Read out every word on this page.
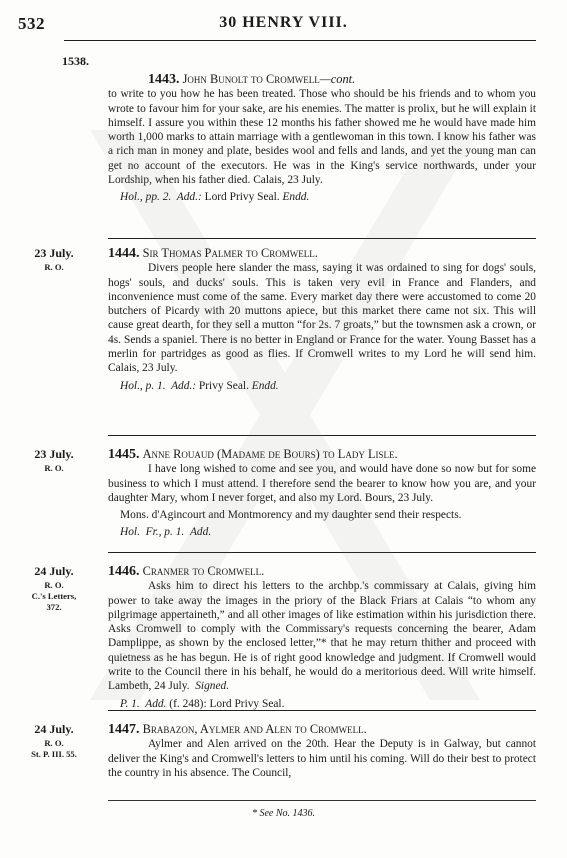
30 HENRY VIII.
532
1538.

1443. John Bunolt to Cromwell—cont.

to write to you how he has been treated. Those who should be his friends and to whom you wrote to favour him for your sake, are his enemies. The matter is prolix, but he will explain it himself. I assure you within these 12 months his father showed me he would have made him worth 1,000 marks to attain marriage with a gentlewoman in this town. I know his father was a rich man in money and plate, besides wool and fells and lands, and yet the young man can get no account of the executors. He was in the King's service northwards, under your Lordship, when his father died. Calais, 23 July.

Hol., pp. 2. Add.: Lord Privy Seal. Endd.

23 July.
R. O.

1444. Sir Thomas Palmer to Cromwell.

Divers people here slander the mass, saying it was ordained to sing for dogs' souls, hogs' souls, and ducks' souls. This is taken very evil in France and Flanders, and inconvenience must come of the same. Every market day there were accustomed to come 20 butchers of Picardy with 20 muttons apiece, but this market there came not six. This will cause great dearth, for they sell a mutton “for 2s. 7 groats,” but the townsmen ask a crown, or 4s. Sends a spaniel. There is no better in England or France for the water. Young Basset has a merlin for partridges as good as flies. If Cromwell writes to my Lord he will send him. Calais, 23 July.

Hol., p. 1. Add.: Privy Seal. Endd.

23 July.
R. O.

1445. Anne Rouaud (Madame de Bours) to Lady Lisle.

I have long wished to come and see you, and would have done so now but for some business to which I must attend. I therefore send the bearer to know how you are, and your daughter Mary, whom I never forget, and also my Lord. Bours, 23 July.

Mons. d'Agincourt and Montmorency and my daughter send their respects.

Hol. Fr., p. 1. Add.

24 July.
R. O.
C.'s Letters,
372.

1446. Cranmer to Cromwell.

Asks him to direct his letters to the archbp.'s commissary at Calais, giving him power to take away the images in the priory of the Black Friars at Calais “to whom any pilgrimage appertaineth,” and all other images of like estimation within his jurisdiction there. Asks Cromwell to comply with the Commissary's requests concerning the bearer, Adam Damplippe, as shown by the enclosed letter,”* that he may return thither and proceed with quietness as he has begun. He is of right good knowledge and judgment. If Cromwell would write to the Council there in his behalf, he would do a meritorious deed. Will write himself. Lambeth, 24 July. Signed.

P. 1. Add. (f. 248): Lord Privy Seal.

24 July.
R. O.
St. P. III. 55.

1447. Brabazon, Aylmer and Alen to Cromwell.

Aylmer and Alen arrived on the 20th. Hear the Deputy is in Galway, but cannot deliver the King's and Cromwell's letters to him until his coming. Will do their best to protect the country in his absence. The Council,

* See No. 1436.
